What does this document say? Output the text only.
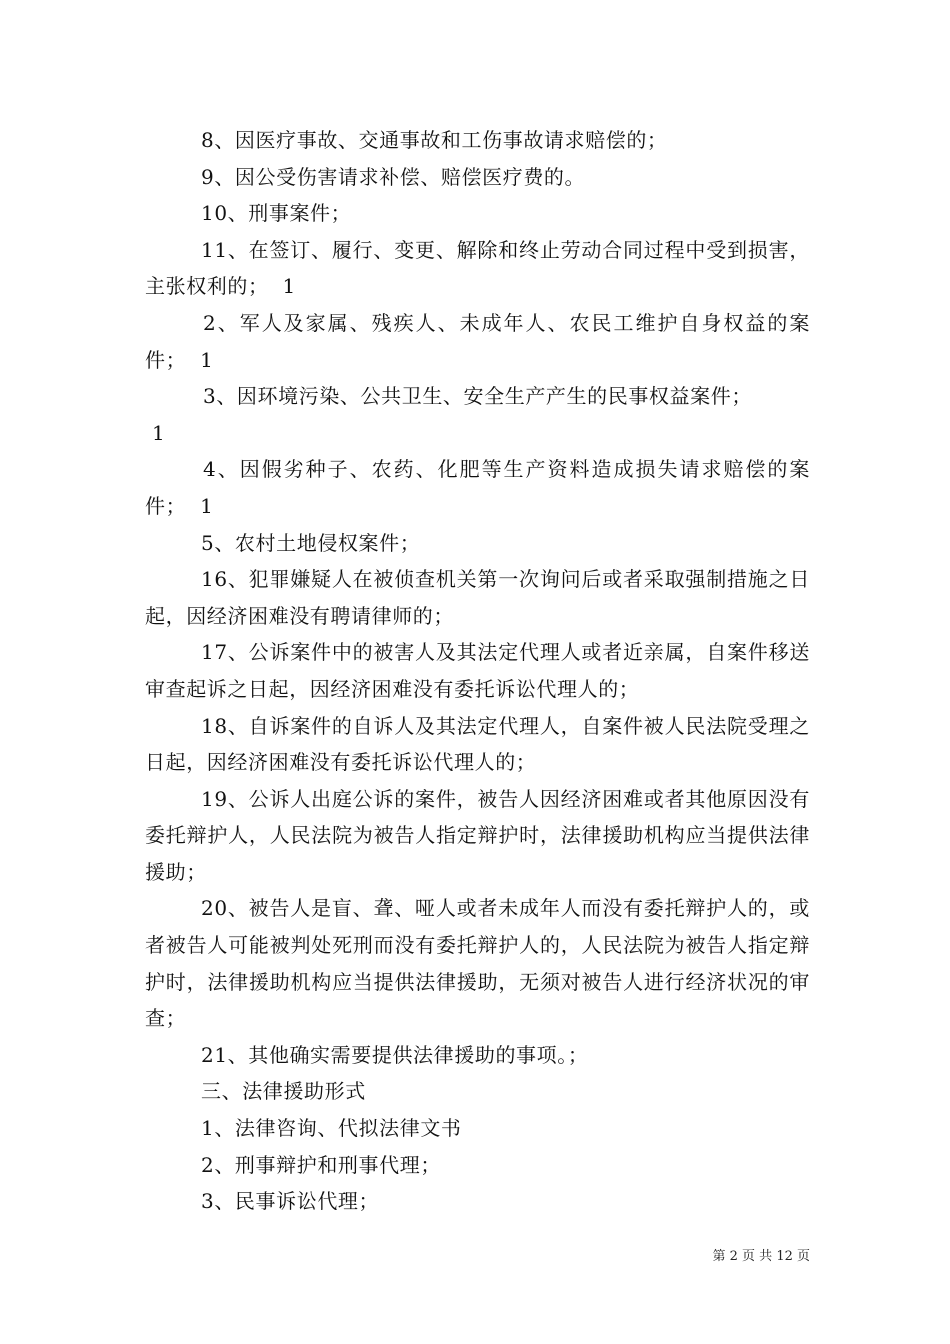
8、因医疗事故、交通事故和工伤事故请求赔偿的；

9、因公受伤害请求补偿、赔偿医疗费的。

10、刑事案件；

11、在签订、履行、变更、解除和终止劳动合同过程中受到损害，主张权利的； 1

2、军人及家属、残疾人、未成年人、农民工维护自身权益的案件； 1

3、因环境污染、公共卫生、安全生产产生的民事权益案件；
1

4、因假劣种子、农药、化肥等生产资料造成损失请求赔偿的案件； 1

5、农村土地侵权案件；

16、犯罪嫌疑人在被侦查机关第一次询问后或者采取强制措施之日起，因经济困难没有聘请律师的；

17、公诉案件中的被害人及其法定代理人或者近亲属，自案件移送审查起诉之日起，因经济困难没有委托诉讼代理人的；

18、自诉案件的自诉人及其法定代理人，自案件被人民法院受理之日起，因经济困难没有委托诉讼代理人的；

19、公诉人出庭公诉的案件，被告人因经济困难或者其他原因没有委托辩护人，人民法院为被告人指定辩护时，法律援助机构应当提供法律援助；

20、被告人是盲、聋、哑人或者未成年人而没有委托辩护人的，或者被告人可能被判处死刑而没有委托辩护人的，人民法院为被告人指定辩护时，法律援助机构应当提供法律援助，无须对被告人进行经济状况的审查；

21、其他确实需要提供法律援助的事项。；

三、法律援助形式

1、法律咨询、代拟法律文书

2、刑事辩护和刑事代理；

3、民事诉讼代理；

第 2 页 共 12 页
